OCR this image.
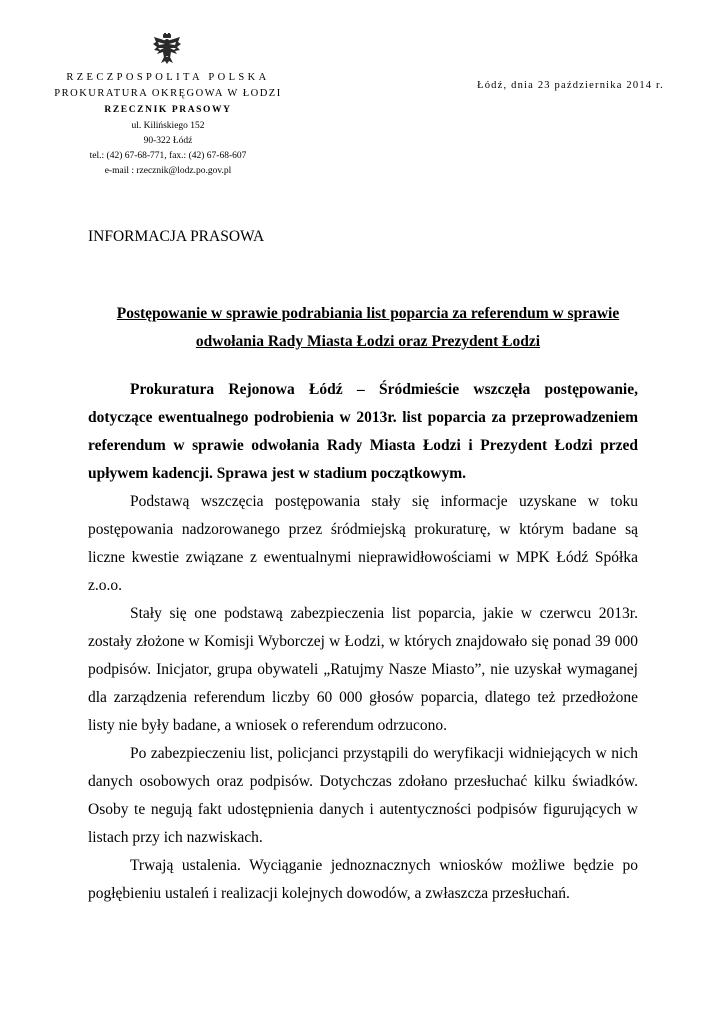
RZECZPOSPOLITA POLSKA
PROKURATURA OKRĘGOWA W ŁODZI
RZECZNIK PRASOWY
ul. Kilińskiego 152
90-322 Łódź
tel.: (42) 67-68-771, fax.: (42) 67-68-607
e-mail : rzecznik@lodz.po.gov.pl
Łódź, dnia 23 października 2014 r.
INFORMACJA PRASOWA
Postępowanie w sprawie podrabiania list poparcia za referendum w sprawie odwołania Rady Miasta Łodzi oraz Prezydent Łodzi

Prokuratura Rejonowa Łódź – Śródmieście wszczęła postępowanie, dotyczące ewentualnego podrobienia w 2013r. list poparcia za przeprowadzeniem referendum w sprawie odwołania Rady Miasta Łodzi i Prezydent Łodzi przed upływem kadencji. Sprawa jest w stadium początkowym.

Podstawą wszczęcia postępowania stały się informacje uzyskane w toku postępowania nadzorowanego przez śródmiejską prokuraturę, w którym badane są liczne kwestie związane z ewentualnymi nieprawidłowościami w MPK Łódź Spółka z.o.o.

Stały się one podstawą zabezpieczenia list poparcia, jakie w czerwcu 2013r. zostały złożone w Komisji Wyborczej w Łodzi, w których znajdowało się ponad 39 000 podpisów. Inicjator, grupa obywateli „Ratujmy Nasze Miasto”, nie uzyskał wymaganej dla zarządzenia referendum liczby 60 000 głosów poparcia, dlatego też przedłożone listy nie były badane, a wniosek o referendum odrzucono.

Po zabezpieczeniu list, policjanci przystąpili do weryfikacji widniejących w nich danych osobowych oraz podpisów. Dotychczas zdołano przesłuchać kilku świadków. Osoby te negują fakt udostępnienia danych i autentyczności podpisów figurujących w listach przy ich nazwiskach.

Trwają ustalenia. Wyciąganie jednoznacznych wniosków możliwe będzie po pogłębieniu ustaleń i realizacji kolejnych dowodów, a zwłaszcza przesłuchań.
